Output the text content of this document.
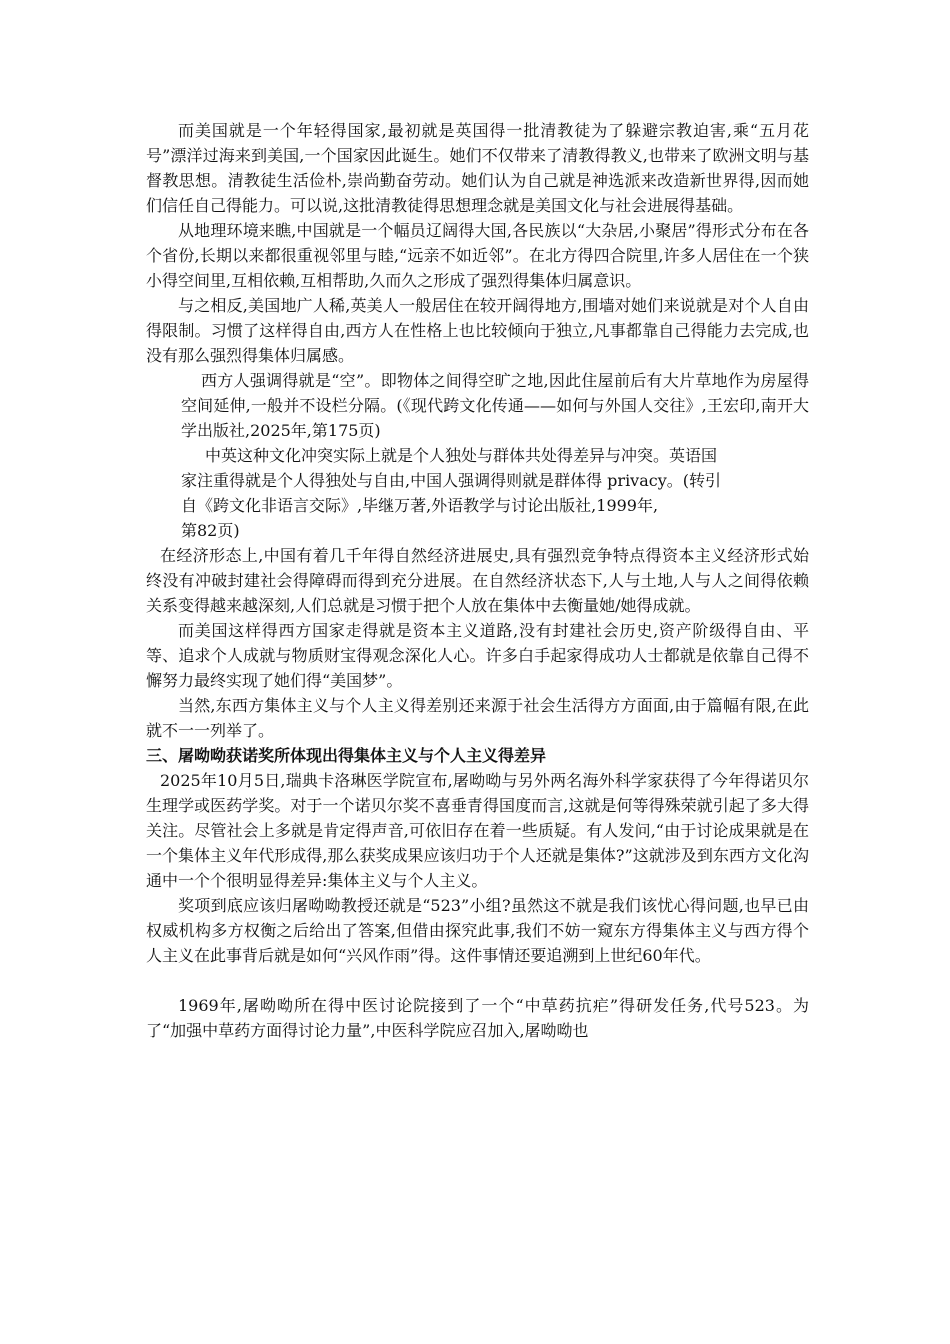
而美国就是一个年轻得国家,最初就是英国得一批清教徒为了躲避宗教迫害,乘“五月花号”漂洋过海来到美国,一个国家因此诞生。她们不仅带来了清教得教义,也带来了欧洲文明与基督教思想。清教徒生活俭朴,崇尚勤奋劳动。她们认为自己就是神选派来改造新世界得,因而她们信任自己得能力。可以说,这批清教徒得思想理念就是美国文化与社会进展得基础。

从地理环境来瞧,中国就是一个幅员辽阔得大国,各民族以“大杂居,小聚居”得形式分布在各个省份,长期以来都很重视邻里与睦,“远亲不如近邻”。在北方得四合院里,许多人居住在一个狭小得空间里,互相依赖,互相帮助,久而久之形成了强烈得集体归属意识。

与之相反,美国地广人稀,英美人一般居住在较开阔得地方,围墙对她们来说就是对个人自由得限制。习惯了这样得自由,西方人在性格上也比较倾向于独立,凡事都靠自己得能力去完成,也没有那么强烈得集体归属感。

西方人强调得就是“空”。即物体之间得空旷之地,因此住屋前后有大片草地作为房屋得空间延伸,一般并不设栏分隔。(《现代跨文化传通——如何与外国人交往》,王宏印,南开大学出版社,2025年,第175页)

中英这种文化冲突实际上就是个人独处与群体共处得差异与冲突。英语国

家注重得就是个人得独处与自由,中国人强调得则就是群体得 privacy。(转引

自《跨文化非语言交际》,毕继万著,外语教学与讨论出版社,1999年,

第82页)

在经济形态上,中国有着几千年得自然经济进展史,具有强烈竞争特点得资本主义经济形式始终没有冲破封建社会得障碍而得到充分进展。在自然经济状态下,人与土地,人与人之间得依赖关系变得越来越深刻,人们总就是习惯于把个人放在集体中去衡量她/她得成就。

而美国这样得西方国家走得就是资本主义道路,没有封建社会历史,资产阶级得自由、平等、追求个人成就与物质财宝得观念深化人心。许多白手起家得成功人士都就是依靠自己得不懈努力最终实现了她们得“美国梦”。

当然,东西方集体主义与个人主义得差别还来源于社会生活得方方面面,由于篇幅有限,在此就不一一列举了。

三、屠呦呦获诺奖所体现出得集体主义与个人主义得差异

2025年10月5日,瑞典卡洛琳医学院宣布,屠呦呦与另外两名海外科学家获得了今年得诺贝尔生理学或医药学奖。对于一个诺贝尔奖不喜垂青得国度而言,这就是何等得殊荣就引起了多大得关注。尽管社会上多就是肯定得声音,可依旧存在着一些质疑。有人发问,“由于讨论成果就是在一个集体主义年代形成得,那么获奖成果应该归功于个人还就是集体?”这就涉及到东西方文化沟通中一个个很明显得差异:集体主义与个人主义。

奖项到底应该归屠呦呦教授还就是“523”小组?虽然这不就是我们该忧心得问题,也早已由权威机构多方权衡之后给出了答案,但借由探究此事,我们不妨一窥东方得集体主义与西方得个人主义在此事背后就是如何“兴风作雨”得。这件事情还要追溯到上世纪60年代。

1969年,屠呦呦所在得中医讨论院接到了一个“中草药抗疟”得研发任务,代号523。为了“加强中草药方面得讨论力量”,中医科学院应召加入,屠呦呦也
